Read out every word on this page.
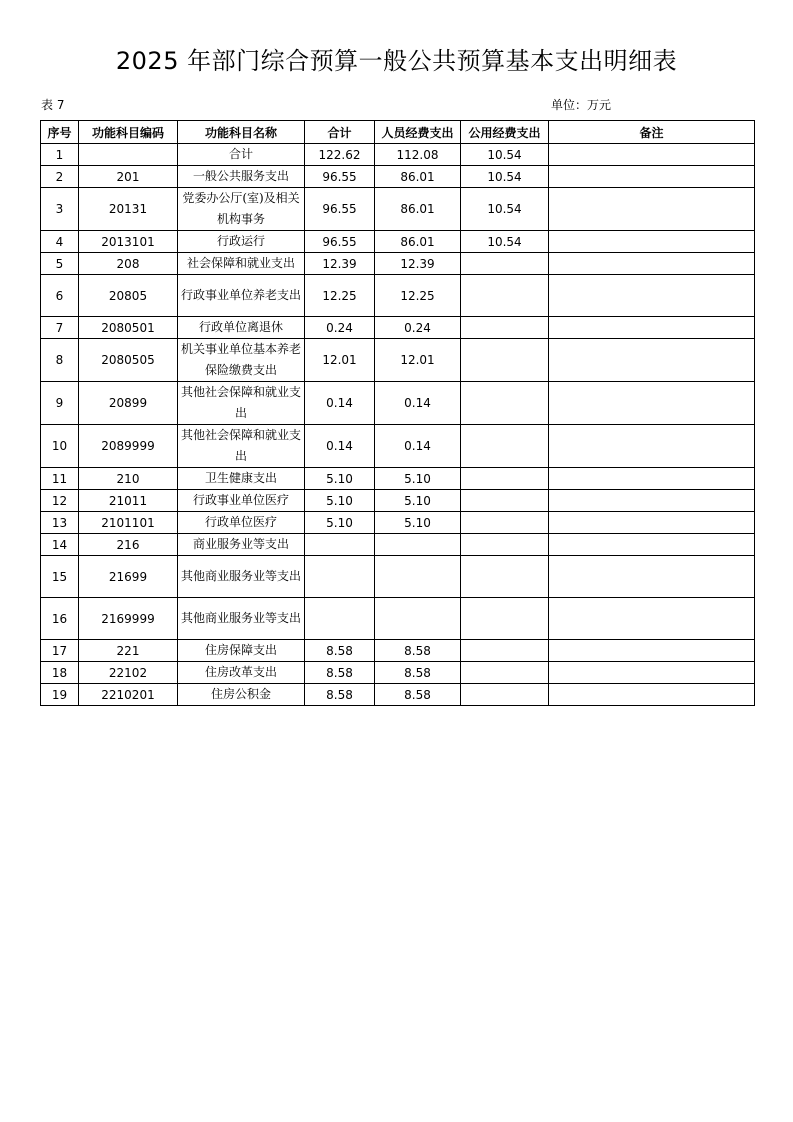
2025 年部门综合预算一般公共预算基本支出明细表
表 7	单位：万元
序号	功能科目编码	功能科目名称	合计	人员经费支出	公用经费支出	备注
1		合计	122.62	112.08	10.54	
2	201	一般公共服务支出	96.55	86.01	10.54	
3	20131	党委办公厅(室)及相关机构事务	96.55	86.01	10.54	
4	2013101	行政运行	96.55	86.01	10.54	
5	208	社会保障和就业支出	12.39	12.39		
6	20805	行政事业单位养老支出	12.25	12.25		
7	2080501	行政单位离退休	0.24	0.24		
8	2080505	机关事业单位基本养老保险缴费支出	12.01	12.01		
9	20899	其他社会保障和就业支出	0.14	0.14		
10	2089999	其他社会保障和就业支出	0.14	0.14		
11	210	卫生健康支出	5.10	5.10		
12	21011	行政事业单位医疗	5.10	5.10		
13	2101101	行政单位医疗	5.10	5.10		
14	216	商业服务业等支出				
15	21699	其他商业服务业等支出				
16	2169999	其他商业服务业等支出				
17	221	住房保障支出	8.58	8.58		
18	22102	住房改革支出	8.58	8.58		
19	2210201	住房公积金	8.58	8.58		
